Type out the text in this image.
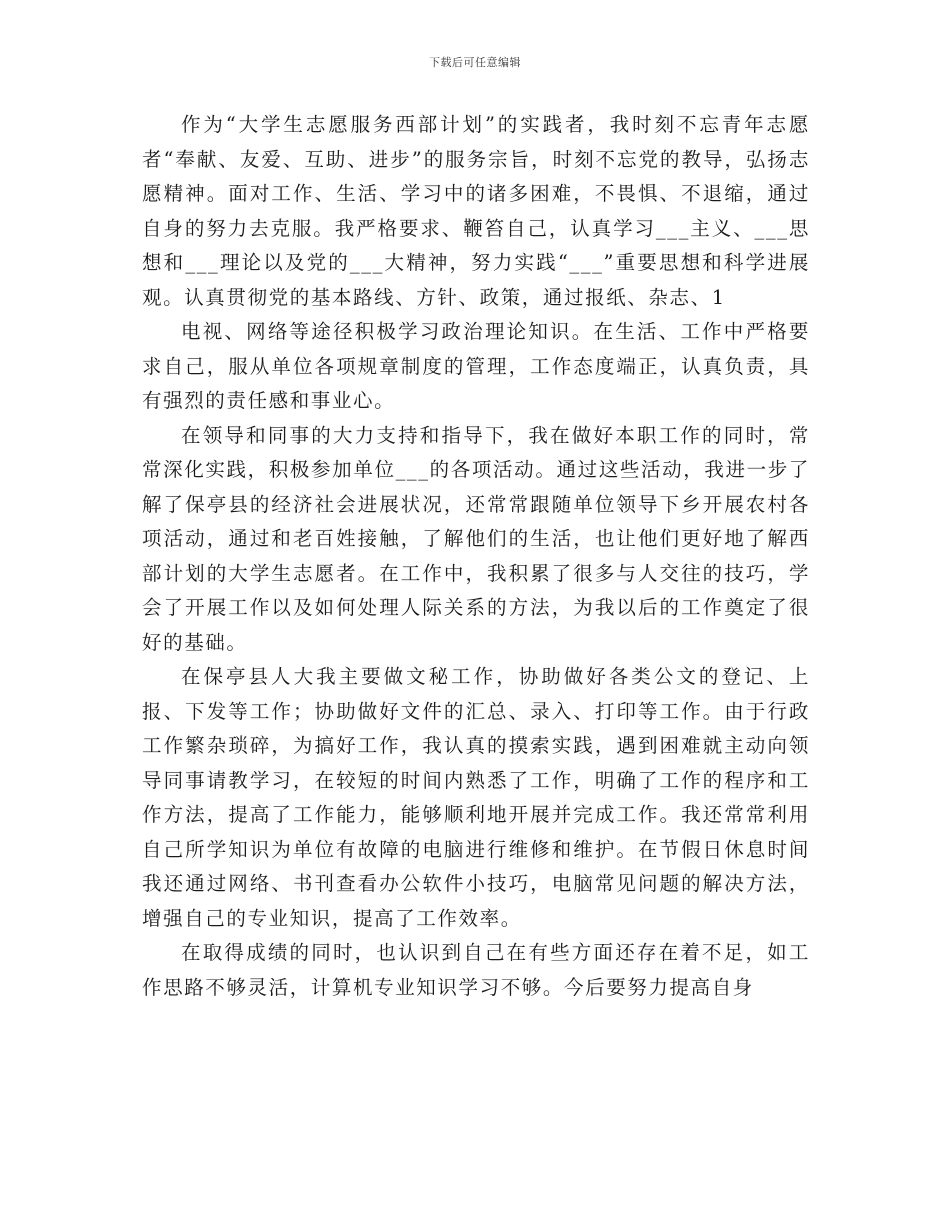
下载后可任意编辑

作为“大学生志愿服务西部计划”的实践者，我时刻不忘青年志愿者“奉献、友爱、互助、进步”的服务宗旨，时刻不忘党的教导，弘扬志愿精神。面对工作、生活、学习中的诸多困难，不畏惧、不退缩，通过自身的努力去克服。我严格要求、鞭笞自己，认真学习___主义、___思想和___理论以及党的___大精神，努力实践“___”重要思想和科学进展观。认真贯彻党的基本路线、方针、政策，通过报纸、杂志、1

电视、网络等途径积极学习政治理论知识。在生活、工作中严格要求自己，服从单位各项规章制度的管理，工作态度端正，认真负责，具有强烈的责任感和事业心。

在领导和同事的大力支持和指导下，我在做好本职工作的同时，常常深化实践，积极参加单位___的各项活动。通过这些活动，我进一步了解了保亭县的经济社会进展状况，还常常跟随单位领导下乡开展农村各项活动，通过和老百姓接触，了解他们的生活，也让他们更好地了解西部计划的大学生志愿者。在工作中，我积累了很多与人交往的技巧，学会了开展工作以及如何处理人际关系的方法，为我以后的工作奠定了很好的基础。

在保亭县人大我主要做文秘工作，协助做好各类公文的登记、上报、下发等工作；协助做好文件的汇总、录入、打印等工作。由于行政工作繁杂琐碎，为搞好工作，我认真的摸索实践，遇到困难就主动向领导同事请教学习，在较短的时间内熟悉了工作，明确了工作的程序和工作方法，提高了工作能力，能够顺利地开展并完成工作。我还常常利用自己所学知识为单位有故障的电脑进行维修和维护。在节假日休息时间我还通过网络、书刊查看办公软件小技巧，电脑常见问题的解决方法，增强自己的专业知识，提高了工作效率。

在取得成绩的同时，也认识到自己在有些方面还存在着不足，如工作思路不够灵活，计算机专业知识学习不够。今后要努力提高自身
